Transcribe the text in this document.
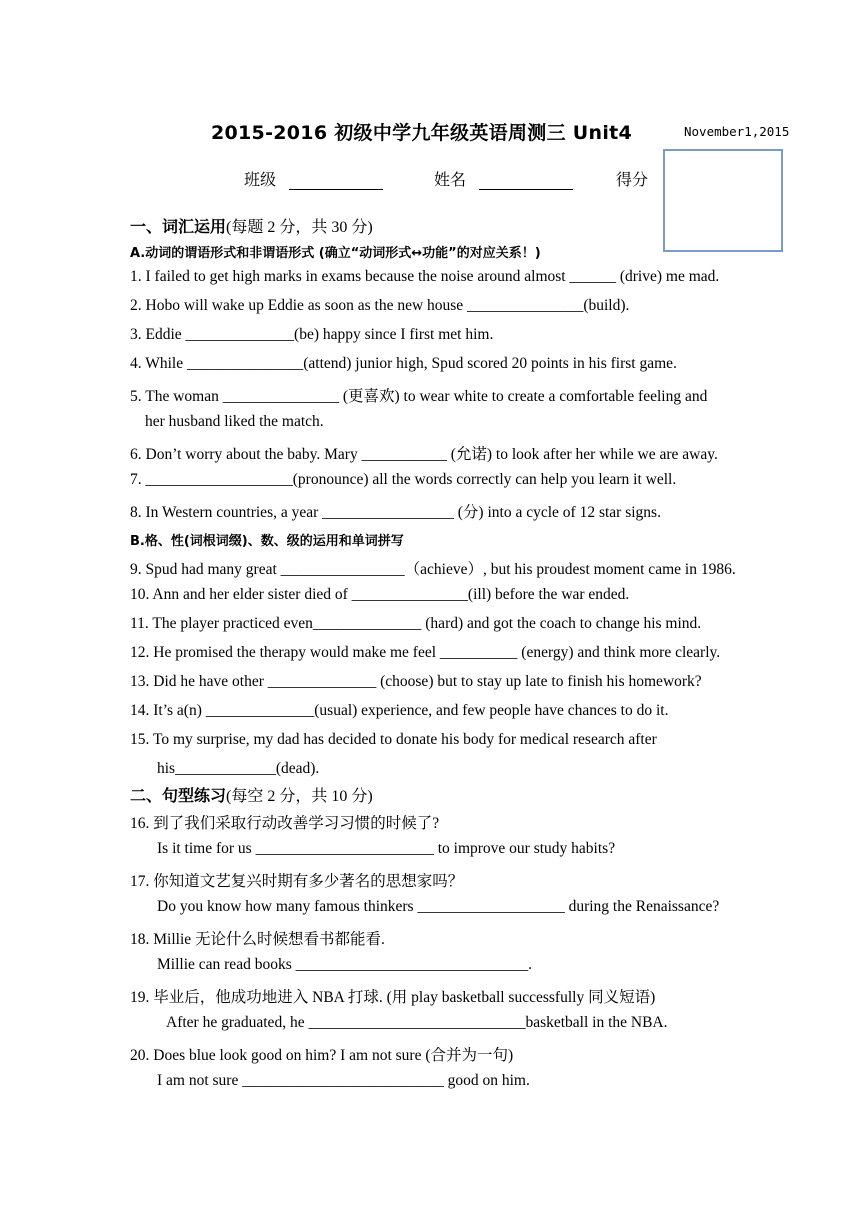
2015-2016 初级中学九年级英语周测三 Unit4	November1,2015
班级	姓名	得分
一、词汇运用(每题 2 分，共 30 分)
A.动词的谓语形式和非谓语形式 (确立“动词形式↔功能”的对应关系！)
1. I failed to get high marks in exams because the noise around almost ______ (drive) me mad.
2. Hobo will wake up Eddie as soon as the new house _______________(build).
3. Eddie ______________(be) happy since I first met him.
4. While _______________(attend) junior high, Spud scored 20 points in his first game.
5. The woman _______________ (更喜欢) to wear white to create a comfortable feeling and
her husband liked the match.
6. Don’t worry about the baby. Mary ___________ (允诺) to look after her while we are away.
7. ___________________(pronounce) all the words correctly can help you learn it well.
8. In Western countries, a year _________________ (分) into a cycle of 12 star signs.
B.格、性(词根词缀)、数、级的运用和单词拼写
9. Spud had many great ________________（achieve）, but his proudest moment came in 1986.
10. Ann and her elder sister died of _______________(ill) before the war ended.
11. The player practiced even______________ (hard) and got the coach to change his mind.
12. He promised the therapy would make me feel __________ (energy) and think more clearly.
13. Did he have other ______________ (choose) but to stay up late to finish his homework?
14. It’s a(n) ______________(usual) experience, and few people have chances to do it.
15. To my surprise, my dad has decided to donate his body for medical research after
his_____________(dead).
二、句型练习(每空 2 分，共 10 分)
16. 到了我们采取行动改善学习习惯的时候了?
Is it time for us _______________________ to improve our study habits?
17. 你知道文艺复兴时期有多少著名的思想家吗？
Do you know how many famous thinkers ___________________ during the Renaissance?
18. Millie 无论什么时候想看书都能看.
Millie can read books ______________________________.
19. 毕业后，他成功地进入 NBA 打球. (用 play basketball successfully 同义短语)
After he graduated, he ____________________________basketball in the NBA.
20. Does blue look good on him? I am not sure (合并为一句)
I am not sure __________________________ good on him.
